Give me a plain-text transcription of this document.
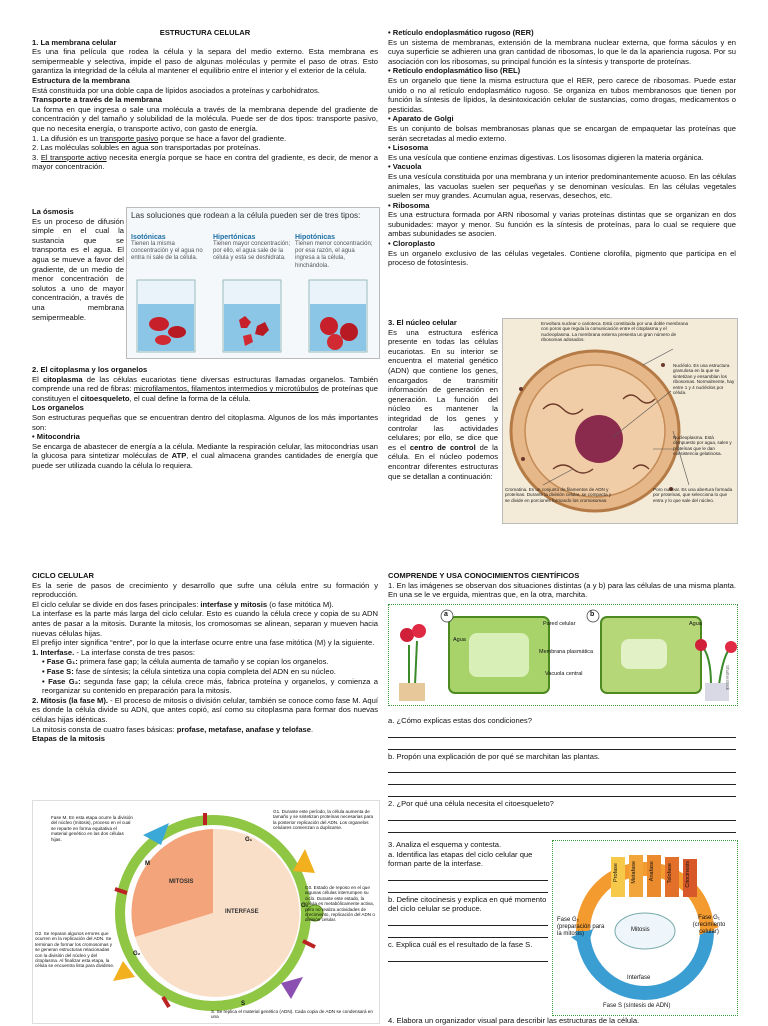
ESTRUCTURA CELULAR

1. La membrana celular

Es una fina película que rodea la célula y la separa del medio externo. Esta membrana es semipermeable y selectiva, impide el paso de algunas moléculas y permite el paso de otras. Esto garantiza la integridad de la célula al mantener el equilibrio entre el interior y el exterior de la célula.

Estructura de la membrana

Está constituida por una doble capa de lípidos asociados a proteínas y carbohidratos.

Transporte a través de la membrana

La forma en que ingresa o sale una molécula a través de la membrana depende del gradiente de concentración y del tamaño y solubilidad de la molécula. Puede ser de dos tipos: transporte pasivo, que no necesita energía, o transporte activo, con gasto de energía.

1. La difusión es un transporte pasivo porque se hace a favor del gradiente.

2. Las moléculas solubles en agua son transportadas por proteínas.

3. El transporte activo necesita energía porque se hace en contra del gradiente, es decir, de menor a mayor concentración.

La ósmosis

Es un proceso de difusión simple en el cual la sustancia que se transporta es el agua. El agua se mueve a favor del gradiente, de un medio de menor concentración de solutos a uno de mayor concentración, a través de una membrana semipermeable.

Las soluciones que rodean a la célula pueden ser de tres tipos:
Isotónicas
Tienen la misma concentración y el agua no entra ni sale de la célula.
Hipertónicas
Tienen mayor concentración; por ello, el agua sale de la célula y esta se deshidrata.
Hipotónicas
Tienen menor concentración; por esa razón, el agua ingresa a la célula, hinchándola.

2. El citoplasma y los organelos

El citoplasma de las células eucariotas tiene diversas estructuras llamadas organelos. También comprende una red de fibras: microfilamentos, filamentos intermedios y microtúbulos de proteínas que constituyen el citoesqueleto, el cual define la forma de la célula.

Los organelos

Son estructuras pequeñas que se encuentran dentro del citoplasma. Algunos de los más importantes son:

• Mitocondria

Se encarga de abastecer de energía a la célula. Mediante la respiración celular, las mitocondrias usan la glucosa para sintetizar moléculas de ATP, el cual almacena grandes cantidades de energía que puede ser utilizada cuando la célula lo requiera.

• Retículo endoplasmático rugoso (RER)

Es un sistema de membranas, extensión de la membrana nuclear externa, que forma sáculos y en cuya superficie se adhieren una gran cantidad de ribosomas, lo que le da la apariencia rugosa. Por su asociación con los ribosomas, su principal función es la síntesis y transporte de proteínas.

• Retículo endoplasmático liso (REL)

Es un organelo que tiene la misma estructura que el RER, pero carece de ribosomas. Puede estar unido o no al retículo endoplasmático rugoso. Se organiza en tubos membranosos que tienen por función la síntesis de lípidos, la desintoxicación celular de sustancias, como drogas, medicamentos o pesticidas.

• Aparato de Golgi

Es un conjunto de bolsas membranosas planas que se encargan de empaquetar las proteínas que serán secretadas al medio externo.

• Lisosoma

Es una vesícula que contiene enzimas digestivas. Los lisosomas digieren la materia orgánica.

• Vacuola

Es una vesícula constituida por una membrana y un interior predominantemente acuoso. En las células animales, las vacuolas suelen ser pequeñas y se denominan vesículas. En las células vegetales suelen ser muy grandes. Acumulan agua, reservas, desechos, etc.

• Ribosoma

Es una estructura formada por ARN ribosomal y varias proteínas distintas que se organizan en dos subunidades: mayor y menor. Su función es la síntesis de proteínas, para lo cual se requiere que ambas subunidades se asocien.

• Cloroplasto

Es un organelo exclusivo de las células vegetales. Contiene clorofila, pigmento que participa en el proceso de fotosíntesis.

3. El núcleo celular

Es una estructura esférica presente en todas las células eucariotas. En su interior se encuentra el material genético (ADN) que contiene los genes, encargados de transmitir información de generación en generación. La función del núcleo es mantener la integridad de los genes y controlar las actividades celulares; por ello, se dice que es el centro de control de la célula. En el núcleo podemos encontrar diferentes estructuras que se detallan a continuación:

Envoltura nuclear o carioteca. Está constituida por una doble membrana con poros que regula la comunicación entre el citoplasma y el nucleoplasma. La membrana externa presenta un gran número de ribosomas adosados.
Nucléolo. Es una estructura granulosa en la que se sintetizan y ensamblan los ribosomas. Normalmente, hay entre 1 y 4 nucléolos por célula.
Nucleoplasma. Está compuesto por agua, sales y proteínas que le dan consistencia gelatinosa.
Cromatina. Es un conjunto de filamentos de ADN y proteínas. Durante la división celular, se compacta y se divide en porciones formando los cromosomas.
Poro nuclear. Es una abertura formada por proteínas, que selecciona lo que entra y lo que sale del núcleo.

CICLO CELULAR

Es la serie de pasos de crecimiento y desarrollo que sufre una célula entre su formación y reproducción.

El ciclo celular se divide en dos fases principales: interfase y mitosis (o fase mitótica M).

La interfase es la parte más larga del ciclo celular. Esto es cuando la célula crece y copia de su ADN antes de pasar a la mitosis. Durante la mitosis, los cromosomas se alinean, separan y mueven hacia nuevas células hijas.

El prefijo inter significa “entre”, por lo que la interfase ocurre entre una fase mitótica (M) y la siguiente.

1. Interfase. - La interfase consta de tres pasos:

• Fase G₁: primera fase gap; la célula aumenta de tamaño y se copian los organelos.

• Fase S: fase de síntesis; la célula sintetiza una copia completa del ADN en su núcleo.

• Fase G₂: segunda fase gap; la célula crece más, fabrica proteína y organelos, y comienza a reorganizar su contenido en preparación para la mitosis.

2. Mitosis (la fase M). - El proceso de mitosis o división celular, también se conoce como fase M. Aquí es donde la célula divide su ADN, que antes copió, así como su citoplasma para formar dos nuevas células hijas idénticas.

La mitosis consta de cuatro fases básicas: profase, metafase, anafase y telofase.

Etapas de la mitosis

MITOSIS
INTERFASE
M
G₁
G₂
S
G₀
Fase M. En esta etapa ocurre la división del núcleo (mitosis), proceso en el cual se reparte en forma equitativa el material genético en las dos células hijas.
G1. Durante este período, la célula aumenta de tamaño y se sintetizan proteínas necesarias para la posterior replicación del ADN. Los organelos celulares comienzan a duplicarse.
G0. Estado de reposo en el que algunas células interrumpen su ciclo. Durante este estado, la célula es metabólicamente activa, pero no realiza actividades de crecimiento, replicación del ADN o división celular.
G2. Se reparan algunos errores que ocurren en la replicación del ADN. Se terminan de formar los cromosomas y se generan estructuras relacionadas con la división del núcleo y del citoplasma. Al finalizar esta etapa, la célula se encuentra lista para dividirse.
S. Se replica el material genético (ADN). Cada copia de ADN se condensará en una

COMPRENDE Y USA CONOCIMIENTOS CIENTÍFICOS

1. En las imágenes se observan dos situaciones distintas (a y b) para las células de una misma planta. En una se le ve erguida, mientras que, en la otra, marchita.

a	b
Agua
Agua
Pared celular
Membrana plasmática
Vacuola central	Shutterstock

a. ¿Cómo explicas estas dos condiciones?

b. Propón una explicación de por qué se marchitan las plantas.

2. ¿Por qué una célula necesita el citoesqueleto?

3. Analiza el esquema y contesta.

a. Identifica las etapas del ciclo celular que forman parte de la interfase.

b. Define citocinesis y explica en qué momento del ciclo celular se produce.

c. Explica cuál es el resultado de la fase S.

Profase Metafase Anafase Telofase Citocinesis
Fase G₂
(preparación para la mitosis)
Mitosis
Fase G₁
(crecimiento celular)
Interfase
Fase S (síntesis de ADN)
4. Elabora un organizador visual para describir las estructuras de la célula.
